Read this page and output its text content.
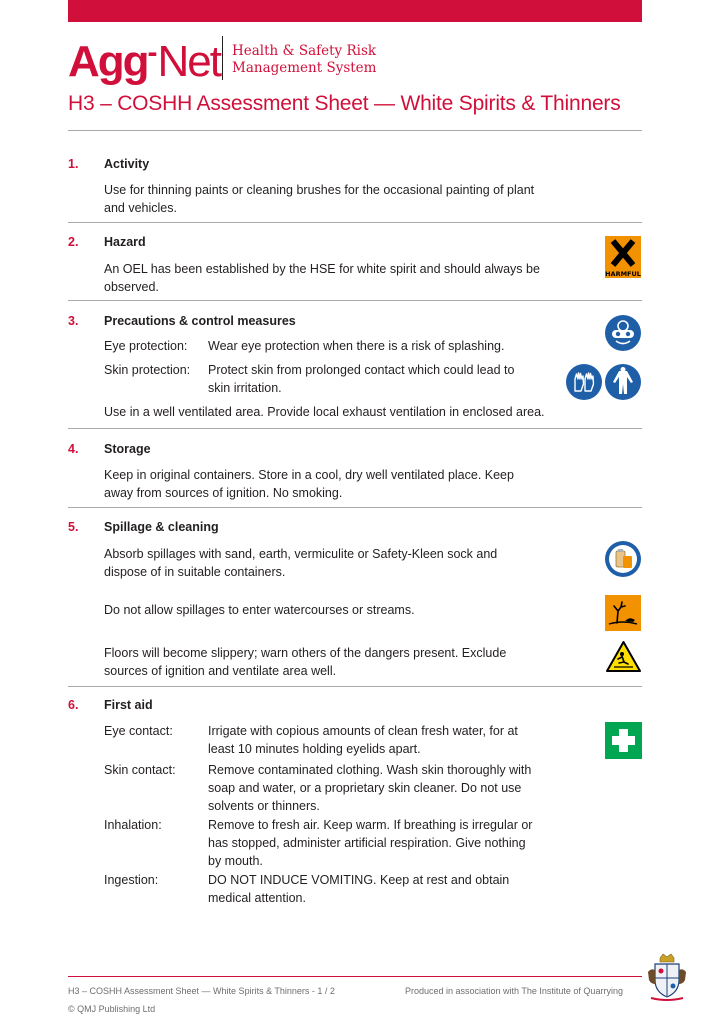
Agg-Net Health & Safety Risk
Management System
H3 – COSHH Assessment Sheet — White Spirits & Thinners
1. Activity
Use for thinning paints or cleaning brushes for the occasional painting of plant and vehicles.
2. Hazard
An OEL has been established by the HSE for white spirit and should always be observed.
HARMFUL
3. Precautions & control measures
Eye protection: Wear eye protection when there is a risk of splashing.
Skin protection: Protect skin from prolonged contact which could lead to skin irritation.
Use in a well ventilated area. Provide local exhaust ventilation in enclosed area.
4. Storage
Keep in original containers. Store in a cool, dry well ventilated place. Keep away from sources of ignition. No smoking.
5. Spillage & cleaning
Absorb spillages with sand, earth, vermiculite or Safety-Kleen sock and dispose of in suitable containers.
Do not allow spillages to enter watercourses or streams.
Floors will become slippery; warn others of the dangers present. Exclude sources of ignition and ventilate area well.
6. First aid
Eye contact:	Irrigate with copious amounts of clean fresh water, for at least 10 minutes holding eyelids apart.
Skin contact:	Remove contaminated clothing. Wash skin thoroughly with soap and water, or a proprietary skin cleaner. Do not use solvents or thinners.
Inhalation:	Remove to fresh air. Keep warm. If breathing is irregular or has stopped, administer artificial respiration. Give nothing by mouth.
Ingestion:	DO NOT INDUCE VOMITING. Keep at rest and obtain medical attention.
H3 – COSHH Assessment Sheet — White Spirits & Thinners - 1 / 2	Produced in association with The Institute of Quarrying
© QMJ Publishing Ltd
